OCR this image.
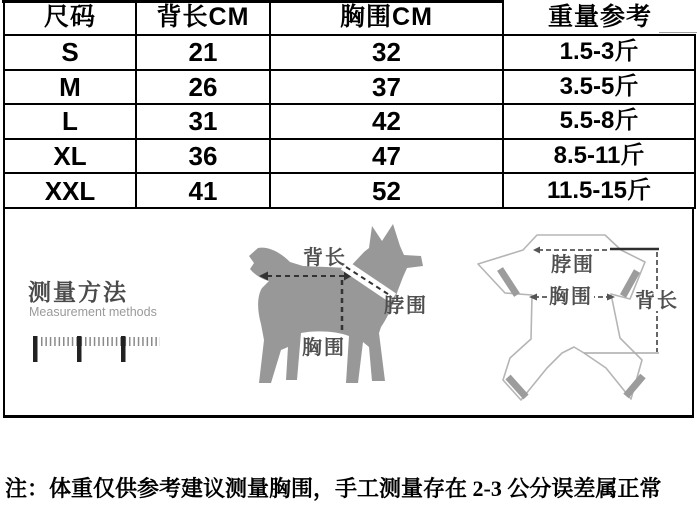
尺码	背长CM	胸围CM	重量参考
S	21	32	1.5-3斤
M	26	37	3.5-5斤
L	31	42	5.5-8斤
XL	36	47	8.5-11斤
XXL	41	52	11.5-15斤
背长
脖围
胸围
脖围
胸围 背长
测量方法
Measurement methods
注：体重仅供参考建议测量胸围，手工测量存在 2-3 公分误差属正常
